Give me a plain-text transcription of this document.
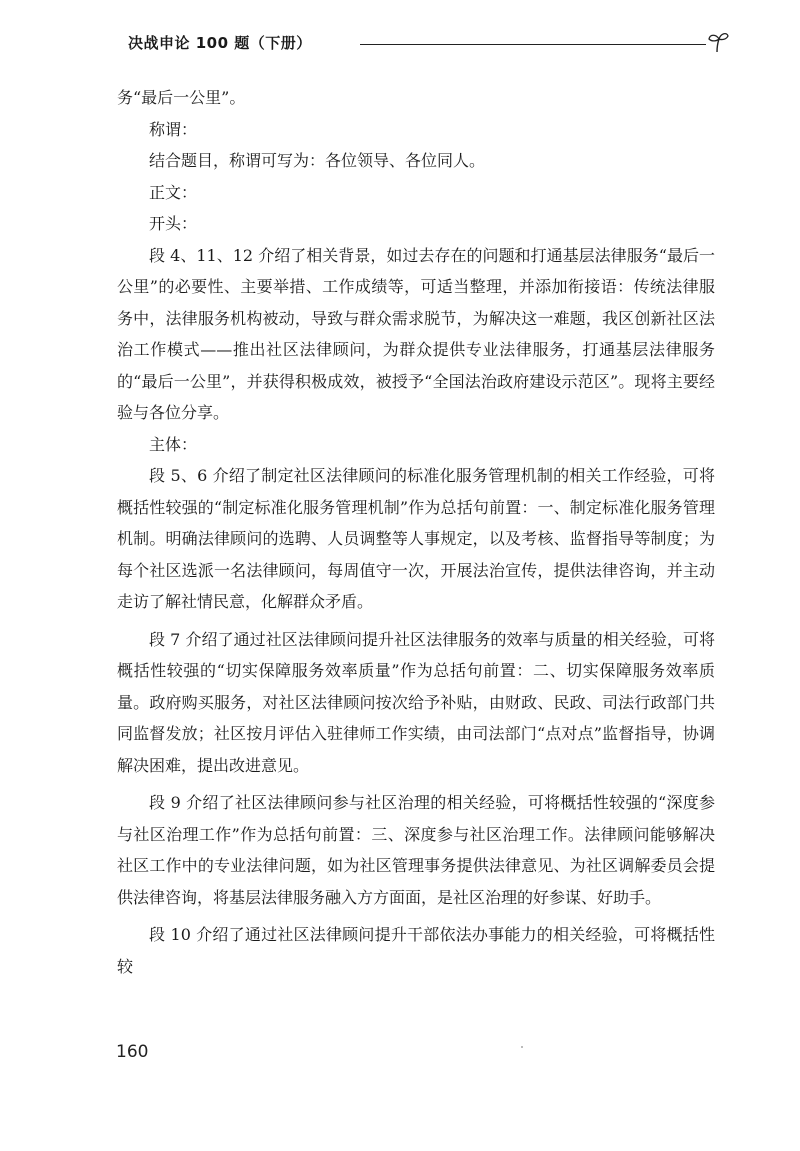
决战申论 100 题（下册）

务“最后一公里”。

称谓：

结合题目，称谓可写为：各位领导、各位同人。

正文：

开头：

段 4、11、12 介绍了相关背景，如过去存在的问题和打通基层法律服务“最后一公里”的必要性、主要举措、工作成绩等，可适当整理，并添加衔接语：传统法律服务中，法律服务机构被动，导致与群众需求脱节，为解决这一难题，我区创新社区法治工作模式——推出社区法律顾问，为群众提供专业法律服务，打通基层法律服务的“最后一公里”，并获得积极成效，被授予“全国法治政府建设示范区”。现将主要经验与各位分享。

主体：

段 5、6 介绍了制定社区法律顾问的标准化服务管理机制的相关工作经验，可将概括性较强的“制定标准化服务管理机制”作为总括句前置：一、制定标准化服务管理机制。明确法律顾问的选聘、人员调整等人事规定，以及考核、监督指导等制度；为每个社区选派一名法律顾问，每周值守一次，开展法治宣传，提供法律咨询，并主动走访了解社情民意，化解群众矛盾。

段 7 介绍了通过社区法律顾问提升社区法律服务的效率与质量的相关经验，可将概括性较强的“切实保障服务效率质量”作为总括句前置：二、切实保障服务效率质量。政府购买服务，对社区法律顾问按次给予补贴，由财政、民政、司法行政部门共同监督发放；社区按月评估入驻律师工作实绩，由司法部门“点对点”监督指导，协调解决困难，提出改进意见。

段 9 介绍了社区法律顾问参与社区治理的相关经验，可将概括性较强的“深度参与社区治理工作”作为总括句前置：三、深度参与社区治理工作。法律顾问能够解决社区工作中的专业法律问题，如为社区管理事务提供法律意见、为社区调解委员会提供法律咨询，将基层法律服务融入方方面面，是社区治理的好参谋、好助手。

段 10 介绍了通过社区法律顾问提升干部依法办事能力的相关经验，可将概括性较

160
